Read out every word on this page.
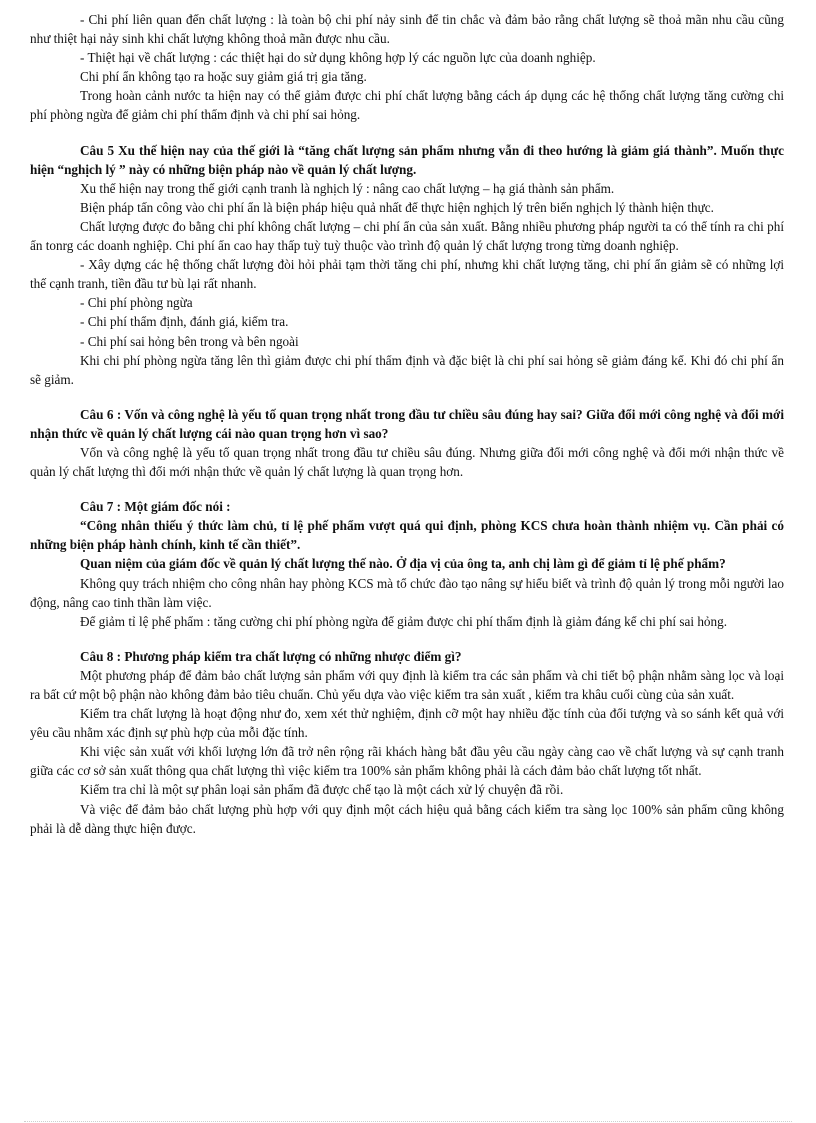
- Chi phí liên quan đến chất lượng : là toàn bộ chi phí nảy sinh để tin chắc và đảm bảo rằng chất lượng sẽ thoả mãn nhu cầu cũng như thiệt hại nảy sinh khi chất lượng không thoả mãn được nhu cầu.

- Thiệt hại về chất lượng : các thiệt hại do sử dụng không hợp lý các nguồn lực của doanh nghiệp.

Chi phí ẩn không tạo ra hoặc suy giảm giá trị gia tăng.

Trong hoàn cảnh nước ta hiện nay có thể giảm được chi phí chất lượng bằng cách áp dụng các hệ thống chất lượng tăng cường chi phí phòng ngừa để giảm chi phí thẩm định và chi phí sai hỏng.

Câu 5 Xu thế hiện nay của thế giới là “tăng chất lượng sản phẩm nhưng vẫn đi theo hướng là giảm giá thành”. Muốn thực hiện “nghịch lý ” này có những biện pháp nào về quản lý chất lượng.

Xu thế hiện nay trong thế giới cạnh tranh là nghịch lý : nâng cao chất lượng – hạ giá thành sản phẩm.

Biện pháp tấn công vào chi phí ẩn là biện pháp hiệu quả nhất để thực hiện nghịch lý trên biến nghịch lý thành hiện thực.

Chất lượng được đo bằng chi phí không chất lượng – chi phí ẩn của sản xuất. Bằng nhiều phương pháp người ta có thể tính ra chi phí ẩn tonrg các doanh nghiệp. Chi phí ẩn cao hay thấp tuỳ tuỳ thuộc vào trình độ quản lý chất lượng trong từng doanh nghiệp.

- Xây dựng các hệ thống chất lượng đòi hỏi phải tạm thời tăng chi phí, nhưng khi chất lượng tăng, chi phí ẩn giảm sẽ có những lợi thế cạnh tranh, tiền đầu tư bù lại rất nhanh.

- Chi phí phòng ngừa

- Chi phí thẩm định, đánh giá, kiểm tra.

- Chi phí sai hỏng bên trong và bên ngoài

Khi chi phí phòng ngừa tăng lên thì giảm được chi phí thẩm định và đặc biệt là chi phí sai hỏng sẽ giảm đáng kể. Khi đó chi phí ẩn sẽ giảm.

Câu 6 : Vốn và công nghệ là yếu tố quan trọng nhất trong đầu tư chiều sâu đúng hay sai? Giữa đổi mới công nghệ và đổi mới nhận thức về quản lý chất lượng cái nào quan trọng hơn vì sao?

Vốn và công nghệ là yếu tố quan trọng nhất trong đầu tư chiều sâu đúng. Nhưng giữa đổi mới công nghệ và đổi mới nhận thức về quản lý chất lượng thì đổi mới nhận thức về quản lý chất lượng là quan trọng hơn.

Câu 7 : Một giám đốc nói :

“Công nhân thiếu ý thức làm chủ, tỉ lệ phế phẩm vượt quá qui định, phòng KCS chưa hoàn thành nhiệm vụ. Cần phải có những biện pháp hành chính, kinh tế cần thiết”.

Quan niệm của giám đốc về quản lý chất lượng thế nào. Ở địa vị của ông ta, anh chị làm gì để giảm tỉ lệ phế phẩm?

Không quy trách nhiệm cho công nhân hay phòng KCS mà tổ chức đào tạo nâng sự hiểu biết và trình độ quản lý trong mỗi người lao động, nâng cao tinh thần làm việc.

Để giảm tỉ lệ phế phẩm : tăng cường chi phí phòng ngừa để giảm được chi phí thẩm định là giảm đáng kể chi phí sai hỏng.

Câu 8 : Phương pháp kiểm tra chất lượng có những nhược điểm gì?

Một phương pháp để đảm bảo chất lượng sản phẩm với quy định là kiểm tra các sản phẩm và chi tiết bộ phận nhằm sàng lọc và loại ra bất cứ một bộ phận nào không đảm bảo tiêu chuẩn. Chủ yếu dựa vào việc kiểm tra sản xuất , kiểm tra khâu cuối cùng của sản xuất.

Kiểm tra chất lượng là hoạt động như đo, xem xét thử nghiệm, định cỡ một hay nhiều đặc tính của đối tượng và so sánh kết quả với yêu cầu nhằm xác định sự phù hợp của mỗi đặc tính.

Khi việc sản xuất với khối lượng lớn đã trở nên rộng rãi khách hàng bắt đầu yêu cầu ngày càng cao về chất lượng và sự cạnh tranh giữa các cơ sở sản xuất thông qua chất lượng thì việc kiểm tra 100% sản phẩm không phải là cách đảm bảo chất lượng tốt nhất.

Kiểm tra chỉ là một sự phân loại sản phẩm đã được chế tạo là một cách xử lý chuyện đã rồi.

Và việc để đảm bảo chất lượng phù hợp với quy định một cách hiệu quả bằng cách kiểm tra sàng lọc 100% sản phẩm cũng không phải là dễ dàng thực hiện được.
